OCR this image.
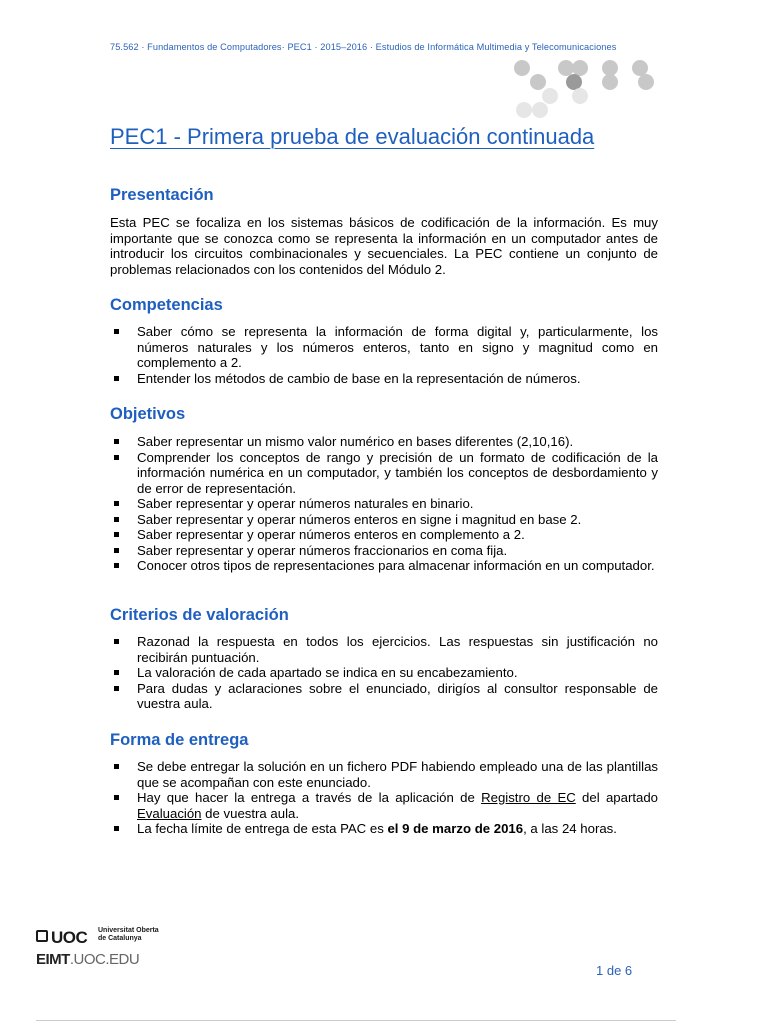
75.562 · Fundamentos de Computadores· PEC1 · 2015–2016 · Estudios de Informática Multimedia y Telecomunicaciones
PEC1 - Primera prueba de evaluación continuada
Presentación

Esta PEC se focaliza en los sistemas básicos de codificación de la información. Es muy importante que se conozca como se representa la información en un computador antes de introducir los circuitos combinacionales y secuenciales. La PEC contiene un conjunto de problemas relacionados con los contenidos del Módulo 2.

Competencias
Saber cómo se representa la información de forma digital y, particularmente, los números naturales y los números enteros, tanto en signo y magnitud como en complemento a 2.
Entender los métodos de cambio de base en la representación de números.
Objetivos
Saber representar un mismo valor numérico en bases diferentes (2,10,16).
Comprender los conceptos de rango y precisión de un formato de codificación de la información numérica en un computador, y también los conceptos de desbordamiento y de error de representación.
Saber representar y operar números naturales en binario.
Saber representar y operar números enteros en signe i magnitud en base 2.
Saber representar y operar números enteros en complemento a 2.
Saber representar y operar números fraccionarios en coma fija.
Conocer otros tipos de representaciones para almacenar información en un computador.
Criterios de valoración
Razonad la respuesta en todos los ejercicios. Las respuestas sin justificación no recibirán puntuación.
La valoración de cada apartado se indica en su encabezamiento.
Para dudas y aclaraciones sobre el enunciado, dirigíos al consultor responsable de vuestra aula.
Forma de entrega
Se debe entregar la solución en un fichero PDF habiendo empleado una de las plantillas que se acompañan con este enunciado.
Hay que hacer la entrega a través de la aplicación de Registro de EC del apartado Evaluación de vuestra aula.
La fecha límite de entrega de esta PAC es el 9 de marzo de 2016, a las 24 horas.
UOC Universitat Oberta
de Catalunya
EIMT.UOC.EDU
1 de 6
